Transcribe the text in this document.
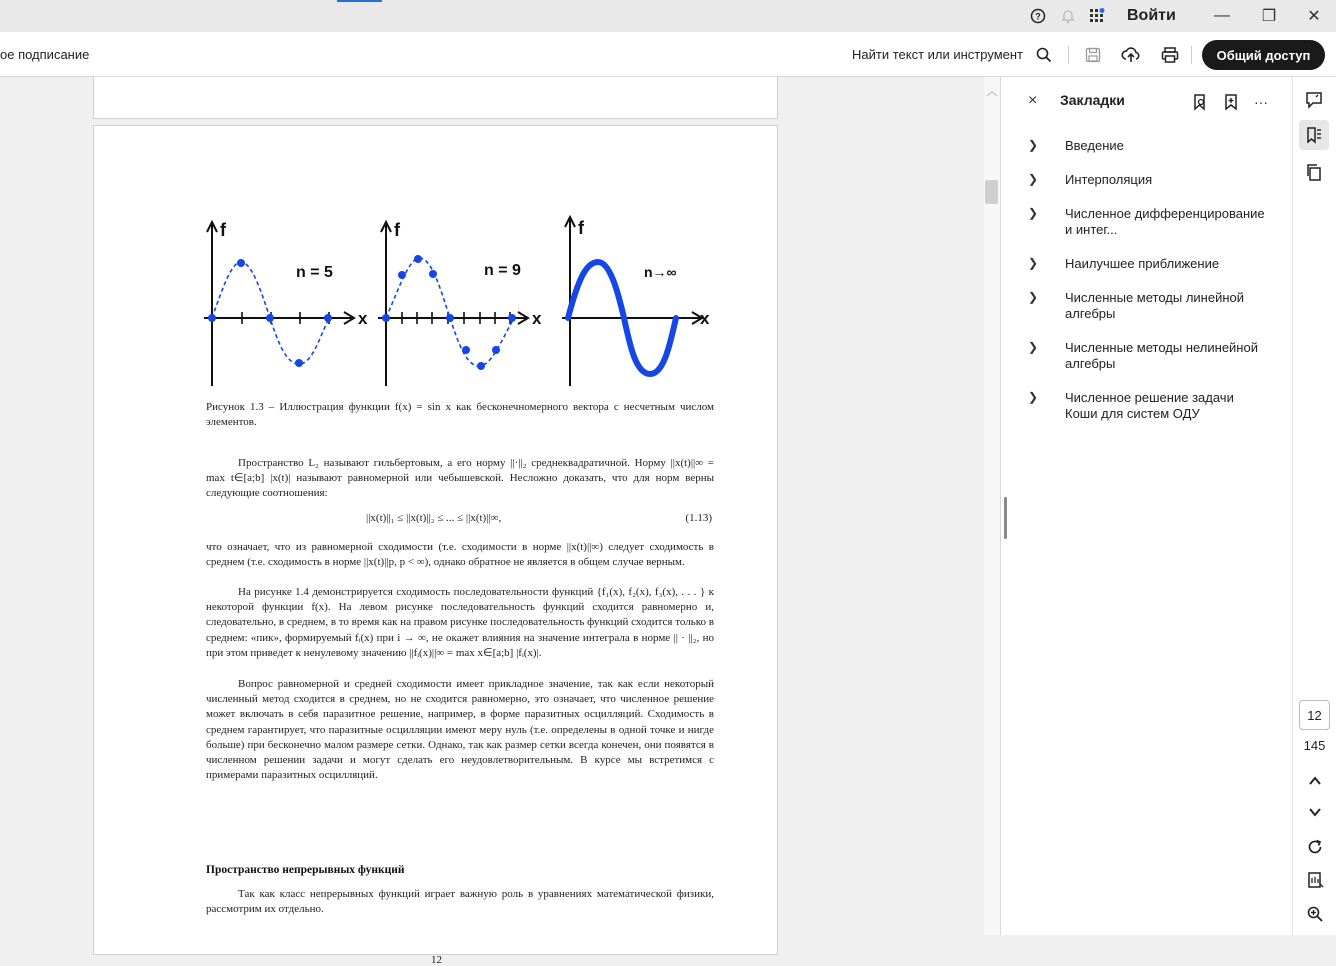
?	Войти	—	❐	✕
ое подписание	Найти текст или инструмент	Общий доступ
f
x
n = 5
f
x
n = 9
f
x
n→∞
Рисунок 1.3 – Иллюстрация функции f(x) = sin x как бесконечномерного вектора с несчетным числом элементов.
Пространство L₂ называют гильбертовым, а его норму ||·||₂ среднеквадратичной. Норму ||x(t)||∞ = max t∈[a;b] |x(t)| называют равномерной или чебышевской. Несложно доказать, что для норм верны следующие соотношения:
||x(t)||₁ ≤ ||x(t)||₂ ≤ ... ≤ ||x(t)||∞,	(1.13)
что означает, что из равномерной сходимости (т.е. сходимости в норме ||x(t)||∞) следует сходимость в среднем (т.е. сходимость в норме ||x(t)||p, p < ∞), однако обратное не является в общем случае верным.
На рисунке 1.4 демонстрируется сходимость последовательности функций {f₁(x), f₂(x), f₃(x), . . . } к некоторой функции f(x). На левом рисунке последовательность функций сходится равномерно и, следовательно, в среднем, в то время как на правом рисунке последовательность функций сходится только в среднем: «пик», формируемый fᵢ(x) при i → ∞, не окажет влияния на значение интеграла в норме || · ||₂, но при этом приведет к ненулевому значению ||fᵢ(x)||∞ = max x∈[a;b] |fᵢ(x)|.
Вопрос равномерной и средней сходимости имеет прикладное значение, так как если некоторый численный метод сходится в среднем, но не сходится равномерно, это означает, что численное решение может включать в себя паразитное решение, например, в форме паразитных осцилляций. Сходимость в среднем гарантирует, что паразитные осцилляции имеют меру нуль (т.е. определены в одной точке и нигде больше) при бесконечно малом размере сетки. Однако, так как размер сетки всегда конечен, они появятся в численном решении задачи и могут сделать его неудовлетворительным. В курсе мы встретимся с примерами паразитных осцилляций.
Пространство непрерывных функций
Так как класс непрерывных функций играет важную роль в уравнениях математической физики, рассмотрим их отдельно.
12
︿ × Закладки	···
❯	Введение
❯	Интерполяция
❯	Численное дифференцирование и интег...
❯	Наилучшее приближение
❯	Численные методы линейной алгебры
❯	Численные методы нелинейной алгебры
❯	Численное решение задачи Коши для систем ОДУ
12
145
